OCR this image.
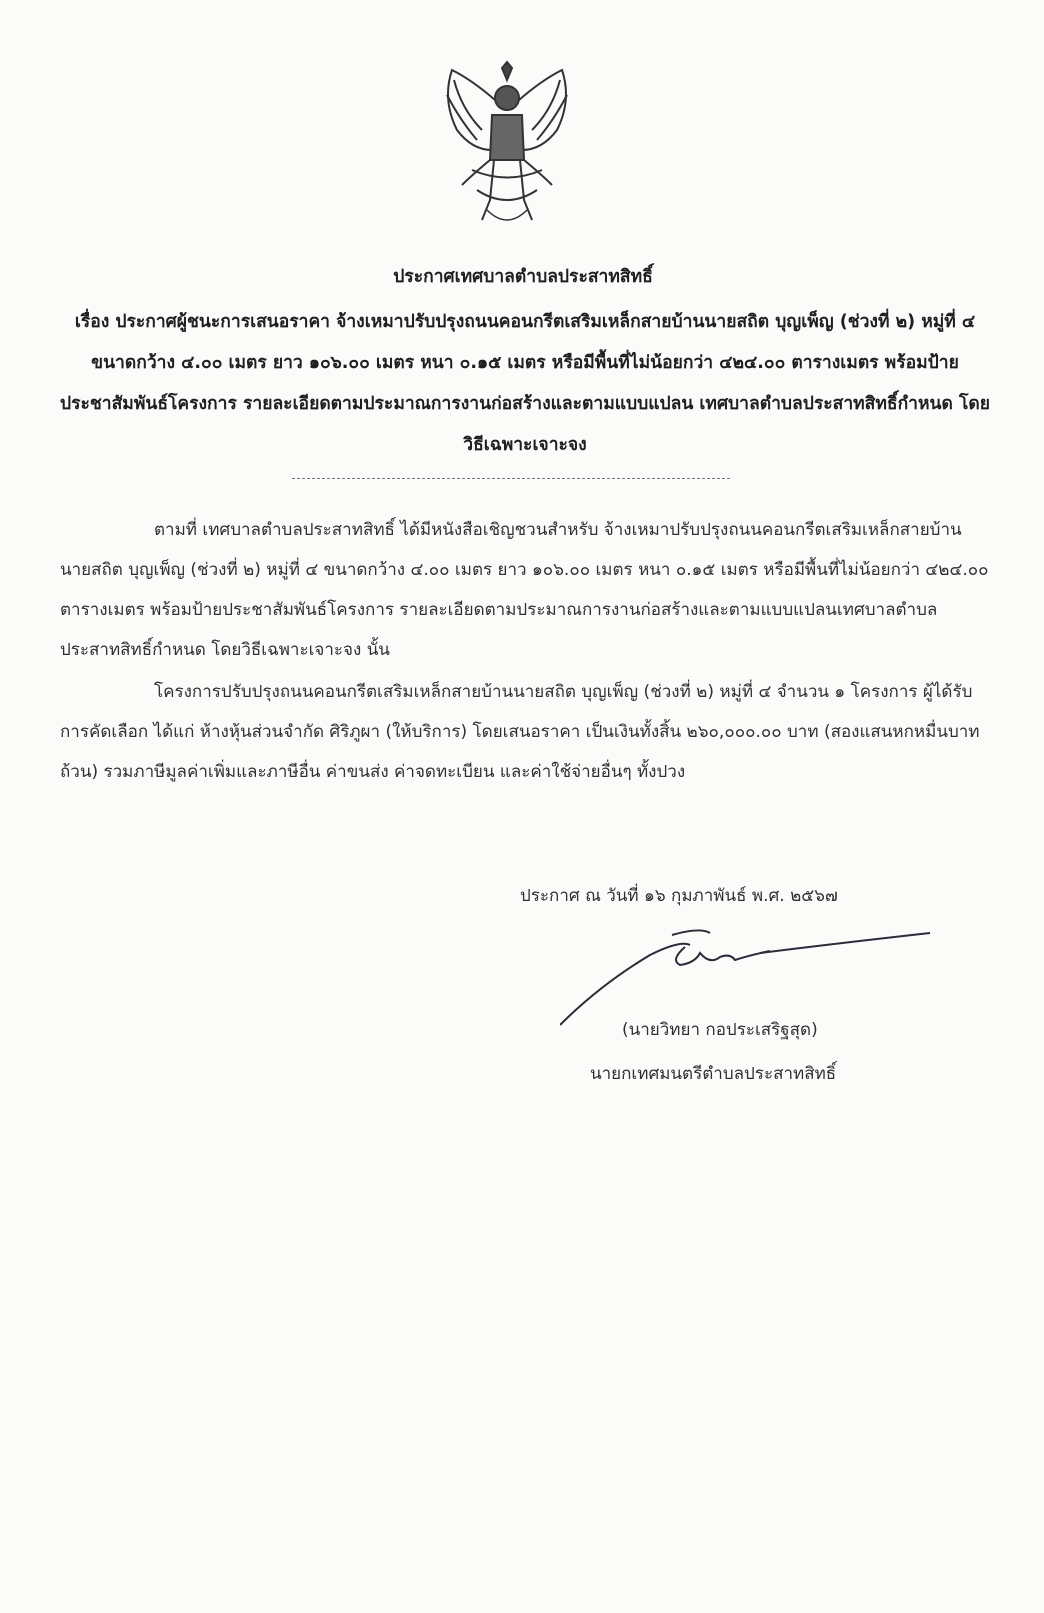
ประกาศเทศบาลตำบลประสาทสิทธิ์
เรื่อง ประกาศผู้ชนะการเสนอราคา จ้างเหมาปรับปรุงถนนคอนกรีตเสริมเหล็กสายบ้านนายสถิต บุญเพ็ญ (ช่วงที่ ๒) หมู่ที่ ๔ ขนาดกว้าง ๔.๐๐ เมตร ยาว ๑๐๖.๐๐ เมตร หนา ๐.๑๕ เมตร หรือมีพื้นที่ไม่น้อยกว่า ๔๒๔.๐๐ ตารางเมตร พร้อมป้ายประชาสัมพันธ์โครงการ รายละเอียดตามประมาณการงานก่อสร้างและตามแบบแปลน เทศบาลตำบลประสาทสิทธิ์กำหนด โดยวิธีเฉพาะเจาะจง
ตามที่ เทศบาลตำบลประสาทสิทธิ์ ได้มีหนังสือเชิญชวนสำหรับ จ้างเหมาปรับปรุงถนนคอนกรีตเสริมเหล็กสายบ้านนายสถิต บุญเพ็ญ (ช่วงที่ ๒) หมู่ที่ ๔ ขนาดกว้าง ๔.๐๐ เมตร ยาว ๑๐๖.๐๐ เมตร หนา ๐.๑๕ เมตร หรือมีพื้นที่ไม่น้อยกว่า ๔๒๔.๐๐ ตารางเมตร พร้อมป้ายประชาสัมพันธ์โครงการ รายละเอียดตามประมาณการงานก่อสร้างและตามแบบแปลนเทศบาลตำบลประสาทสิทธิ์กำหนด โดยวิธีเฉพาะเจาะจง นั้น
โครงการปรับปรุงถนนคอนกรีตเสริมเหล็กสายบ้านนายสถิต บุญเพ็ญ (ช่วงที่ ๒) หมู่ที่ ๔ จำนวน ๑ โครงการ ผู้ได้รับการคัดเลือก ได้แก่ ห้างหุ้นส่วนจำกัด ศิริภูผา (ให้บริการ) โดยเสนอราคา เป็นเงินทั้งสิ้น ๒๖๐,๐๐๐.๐๐ บาท (สองแสนหกหมื่นบาทถ้วน) รวมภาษีมูลค่าเพิ่มและภาษีอื่น ค่าขนส่ง ค่าจดทะเบียน และค่าใช้จ่ายอื่นๆ ทั้งปวง
ประกาศ ณ วันที่ ๑๖ กุมภาพันธ์ พ.ศ. ๒๕๖๗
(นายวิทยา กอประเสริฐสุด)
นายกเทศมนตรีตำบลประสาทสิทธิ์
